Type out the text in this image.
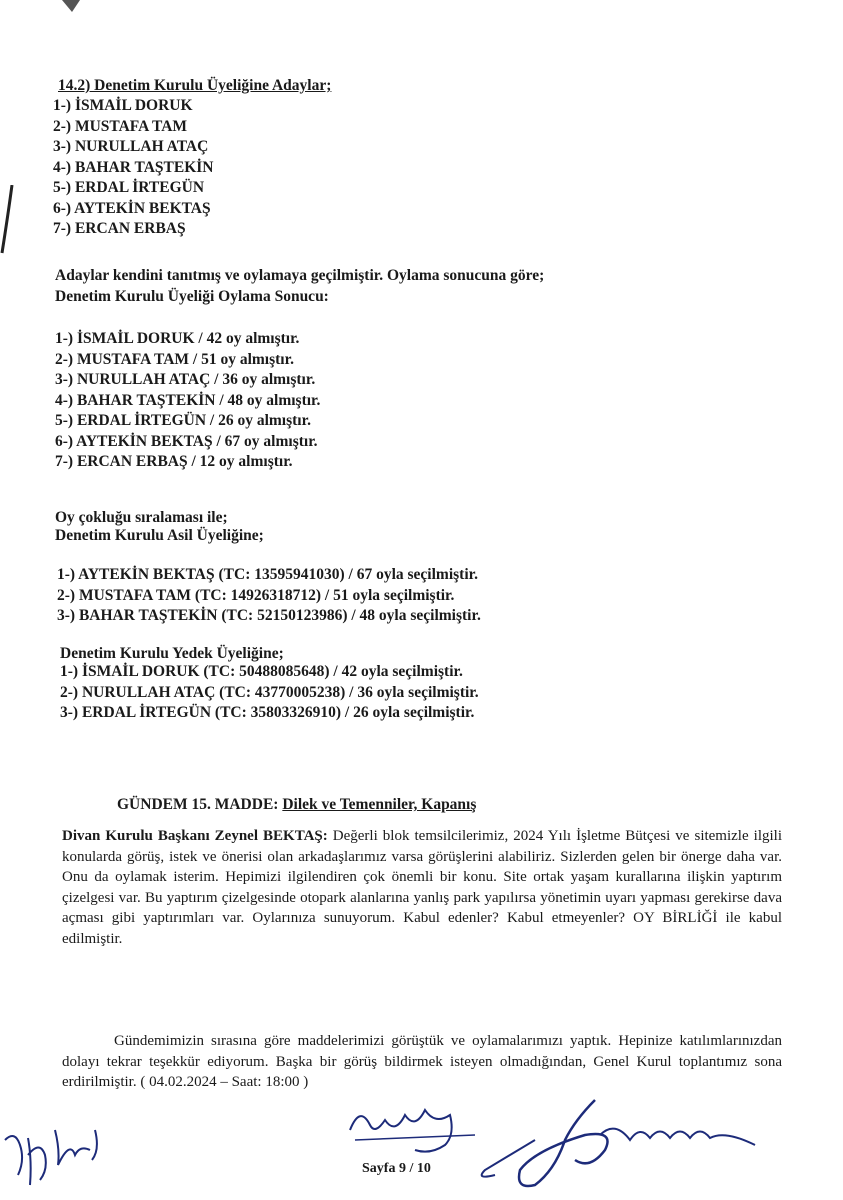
14.2) Denetim Kurulu Üyeliğine Adaylar;
1-) İSMAİL DORUK
2-) MUSTAFA TAM
3-) NURULLAH ATAÇ
4-) BAHAR TAŞTEKİN
5-) ERDAL İRTEGÜN
6-) AYTEKİN BEKTAŞ
7-) ERCAN ERBAŞ
Adaylar kendini tanıtmış ve oylamaya geçilmiştir. Oylama sonucuna göre;
Denetim Kurulu Üyeliği Oylama Sonucu:
1-) İSMAİL DORUK / 42 oy almıştır.
2-) MUSTAFA TAM / 51 oy almıştır.
3-) NURULLAH ATAÇ / 36 oy almıştır.
4-) BAHAR TAŞTEKİN / 48 oy almıştır.
5-) ERDAL İRTEGÜN / 26 oy almıştır.
6-) AYTEKİN BEKTAŞ / 67 oy almıştır.
7-) ERCAN ERBAŞ / 12 oy almıştır.
Oy çokluğu sıralaması ile;
Denetim Kurulu Asil Üyeliğine;
1-) AYTEKİN BEKTAŞ (TC: 13595941030) / 67 oyla seçilmiştir.
2-) MUSTAFA TAM (TC: 14926318712) / 51 oyla seçilmiştir.
3-) BAHAR TAŞTEKİN (TC: 52150123986) / 48 oyla seçilmiştir.
Denetim Kurulu Yedek Üyeliğine;
1-) İSMAİL DORUK (TC: 50488085648) / 42 oyla seçilmiştir.
2-) NURULLAH ATAÇ (TC: 43770005238) / 36 oyla seçilmiştir.
3-) ERDAL İRTEGÜN (TC: 35803326910) / 26 oyla seçilmiştir.
GÜNDEM 15. MADDE: Dilek ve Temenniler, Kapanış
Divan Kurulu Başkanı Zeynel BEKTAŞ: Değerli blok temsilcilerimiz, 2024 Yılı İşletme Bütçesi ve sitemizle ilgili konularda görüş, istek ve önerisi olan arkadaşlarımız varsa görüşlerini alabiliriz. Sizlerden gelen bir önerge daha var. Onu da oylamak isterim. Hepimizi ilgilendiren çok önemli bir konu. Site ortak yaşam kurallarına ilişkin yaptırım çizelgesi var. Bu yaptırım çizelgesinde otopark alanlarına yanlış park yapılırsa yönetimin uyarı yapması gerekirse dava açması gibi yaptırımları var. Oylarınıza sunuyorum. Kabul edenler? Kabul etmeyenler? OY BİRLİĞİ ile kabul edilmiştir.
Gündemimizin sırasına göre maddelerimizi görüştük ve oylamalarımızı yaptık. Hepinize katılımlarınızdan dolayı tekrar teşekkür ediyorum. Başka bir görüş bildirmek isteyen olmadığından, Genel Kurul toplantımız sona erdirilmiştir. ( 04.02.2024 – Saat: 18:00 )
Sayfa 9 / 10
